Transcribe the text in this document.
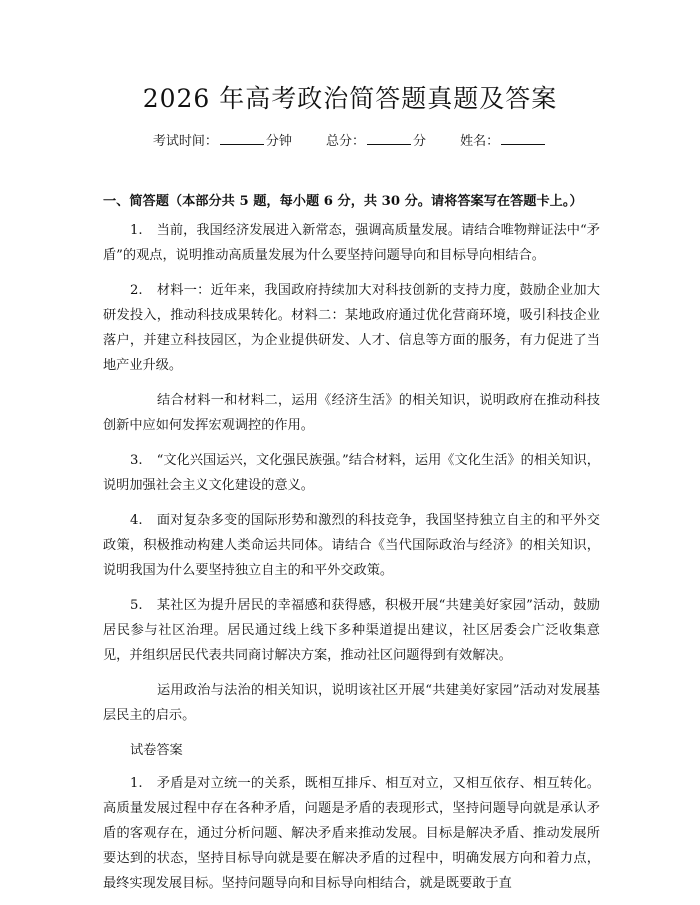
2026 年高考政治简答题真题及答案
考试时间：	分钟	总分：	分	姓名：
一、简答题（本部分共 5 题，每小题 6 分，共 30 分。请将答案写在答题卡上。）

1. 当前，我国经济发展进入新常态，强调高质量发展。请结合唯物辩证法中“矛盾”的观点，说明推动高质量发展为什么要坚持问题导向和目标导向相结合。

2. 材料一：近年来，我国政府持续加大对科技创新的支持力度，鼓励企业加大研发投入，推动科技成果转化。材料二：某地政府通过优化营商环境，吸引科技企业落户，并建立科技园区，为企业提供研发、人才、信息等方面的服务，有力促进了当地产业升级。

结合材料一和材料二，运用《经济生活》的相关知识，说明政府在推动科技创新中应如何发挥宏观调控的作用。

3. “文化兴国运兴，文化强民族强。”结合材料，运用《文化生活》的相关知识，说明加强社会主义文化建设的意义。

4. 面对复杂多变的国际形势和激烈的科技竞争，我国坚持独立自主的和平外交政策，积极推动构建人类命运共同体。请结合《当代国际政治与经济》的相关知识，说明我国为什么要坚持独立自主的和平外交政策。

5. 某社区为提升居民的幸福感和获得感，积极开展“共建美好家园”活动，鼓励居民参与社区治理。居民通过线上线下多种渠道提出建议，社区居委会广泛收集意见，并组织居民代表共同商讨解决方案，推动社区问题得到有效解决。

运用政治与法治的相关知识，说明该社区开展“共建美好家园”活动对发展基层民主的启示。

试卷答案

1. 矛盾是对立统一的关系，既相互排斥、相互对立，又相互依存、相互转化。高质量发展过程中存在各种矛盾，问题是矛盾的表现形式，坚持问题导向就是承认矛盾的客观存在，通过分析问题、解决矛盾来推动发展。目标是解决矛盾、推动发展所要达到的状态，坚持目标导向就是要在解决矛盾的过程中，明确发展方向和着力点，最终实现发展目标。坚持问题导向和目标导向相结合，就是既要敢于直
